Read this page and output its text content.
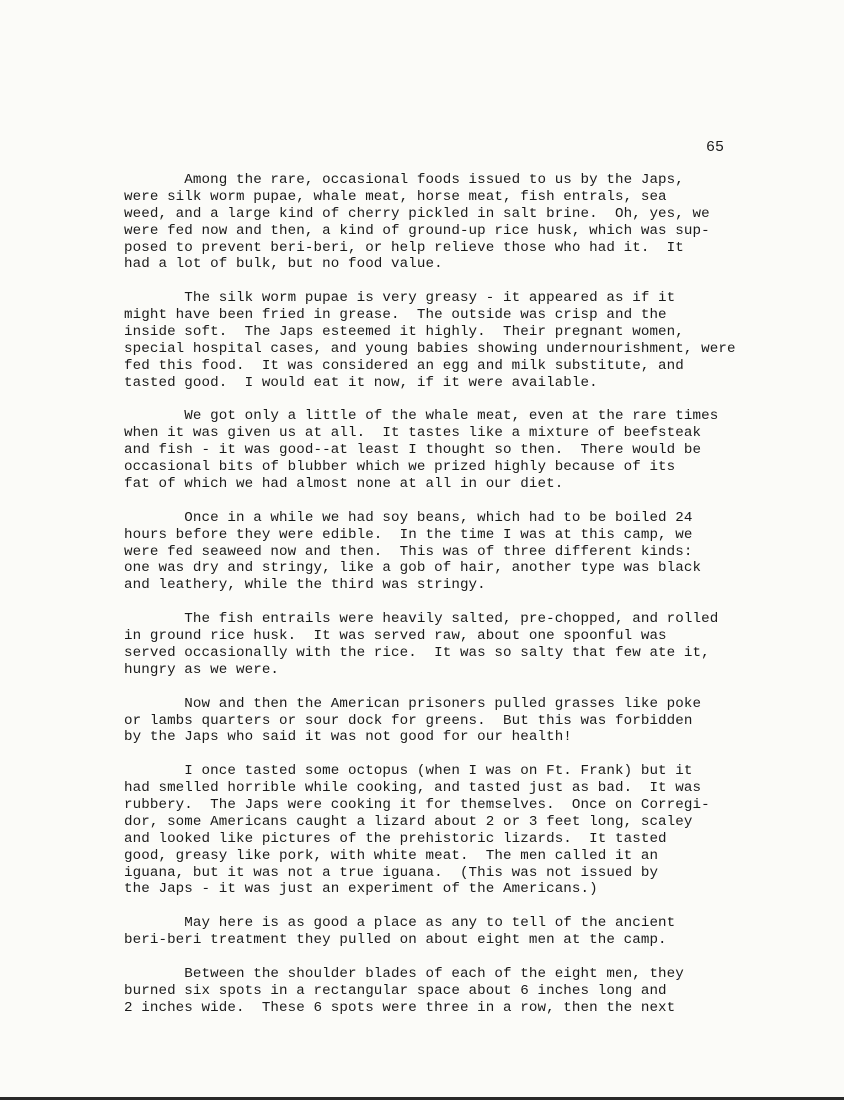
65
Among the rare, occasional foods issued to us by the Japs,
were silk worm pupae, whale meat, horse meat, fish entrals, sea
weed, and a large kind of cherry pickled in salt brine.  Oh, yes, we
were fed now and then, a kind of ground-up rice husk, which was sup-
posed to prevent beri-beri, or help relieve those who had it.  It
had a lot of bulk, but no food value.
The silk worm pupae is very greasy - it appeared as if it
might have been fried in grease.  The outside was crisp and the
inside soft.  The Japs esteemed it highly.  Their pregnant women,
special hospital cases, and young babies showing undernourishment, were
fed this food.  It was considered an egg and milk substitute, and
tasted good.  I would eat it now, if it were available.
We got only a little of the whale meat, even at the rare times
when it was given us at all.  It tastes like a mixture of beefsteak
and fish - it was good--at least I thought so then.  There would be
occasional bits of blubber which we prized highly because of its
fat of which we had almost none at all in our diet.
Once in a while we had soy beans, which had to be boiled 24
hours before they were edible.  In the time I was at this camp, we
were fed seaweed now and then.  This was of three different kinds:
one was dry and stringy, like a gob of hair, another type was black
and leathery, while the third was stringy.
The fish entrails were heavily salted, pre-chopped, and rolled
in ground rice husk.  It was served raw, about one spoonful was
served occasionally with the rice.  It was so salty that few ate it,
hungry as we were.
Now and then the American prisoners pulled grasses like poke
or lambs quarters or sour dock for greens.  But this was forbidden
by the Japs who said it was not good for our health!
I once tasted some octopus (when I was on Ft. Frank) but it
had smelled horrible while cooking, and tasted just as bad.  It was
rubbery.  The Japs were cooking it for themselves.  Once on Corregi-
dor, some Americans caught a lizard about 2 or 3 feet long, scaley
and looked like pictures of the prehistoric lizards.  It tasted
good, greasy like pork, with white meat.  The men called it an
iguana, but it was not a true iguana.  (This was not issued by
the Japs - it was just an experiment of the Americans.)
May here is as good a place as any to tell of the ancient
beri-beri treatment they pulled on about eight men at the camp.
Between the shoulder blades of each of the eight men, they
burned six spots in a rectangular space about 6 inches long and
2 inches wide.  These 6 spots were three in a row, then the next
